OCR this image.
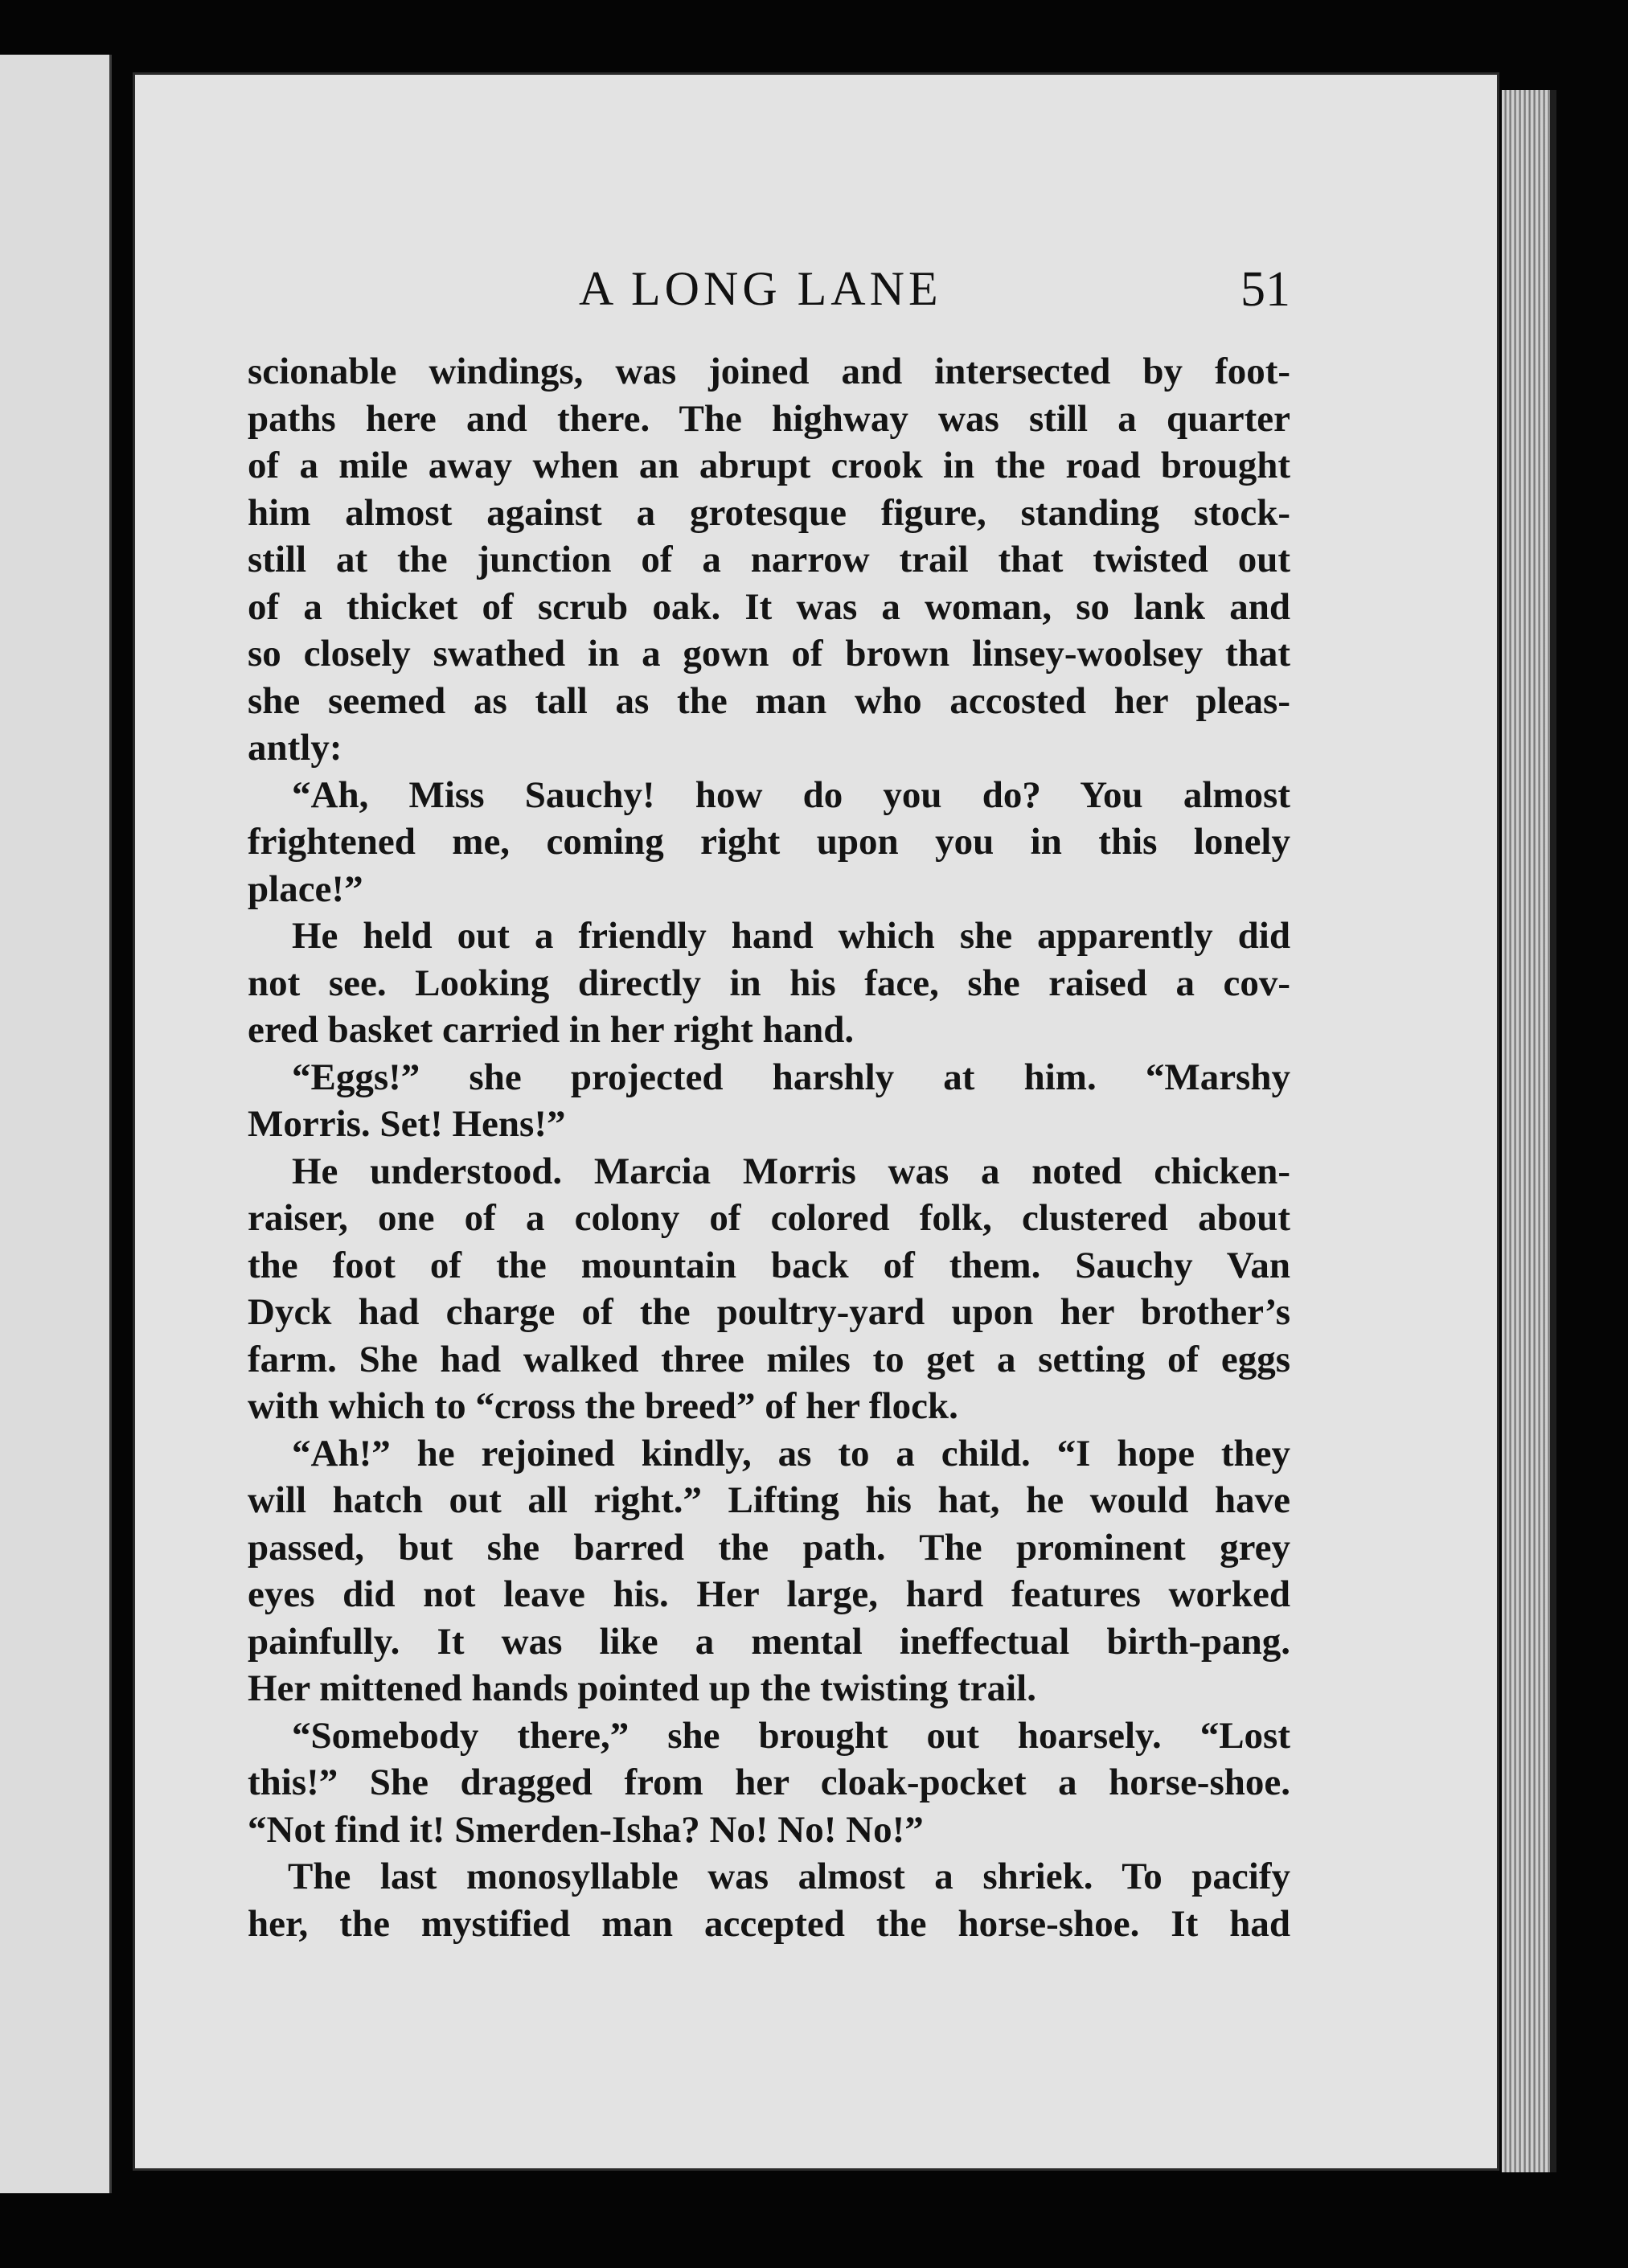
A LONG LANE	51
scionable windings, was joined and intersected by foot-
paths here and there. The highway was still a quarter
of a mile away when an abrupt crook in the road brought
him almost against a grotesque figure, standing stock-
still at the junction of a narrow trail that twisted out
of a thicket of scrub oak. It was a woman, so lank and
so closely swathed in a gown of brown linsey-woolsey that
she seemed as tall as the man who accosted her pleas-
antly:
“Ah, Miss Sauchy! how do you do? You almost
frightened me, coming right upon you in this lonely
place!”
He held out a friendly hand which she apparently did
not see. Looking directly in his face, she raised a cov-
ered basket carried in her right hand.
“Eggs!” she projected harshly at him. “Marshy
Morris. Set! Hens!”
He understood. Marcia Morris was a noted chicken-
raiser, one of a colony of colored folk, clustered about
the foot of the mountain back of them. Sauchy Van
Dyck had charge of the poultry-yard upon her brother’s
farm. She had walked three miles to get a setting of eggs
with which to “cross the breed” of her flock.
“Ah!” he rejoined kindly, as to a child. “I hope they
will hatch out all right.” Lifting his hat, he would have
passed, but she barred the path. The prominent grey
eyes did not leave his. Her large, hard features worked
painfully. It was like a mental ineffectual birth-pang.
Her mittened hands pointed up the twisting trail.
“Somebody there,” she brought out hoarsely. “Lost
this!” She dragged from her cloak-pocket a horse-shoe.
“Not find it! Smerden-Isha? No! No! No!”
The last monosyllable was almost a shriek. To pacify
her, the mystified man accepted the horse-shoe. It had
